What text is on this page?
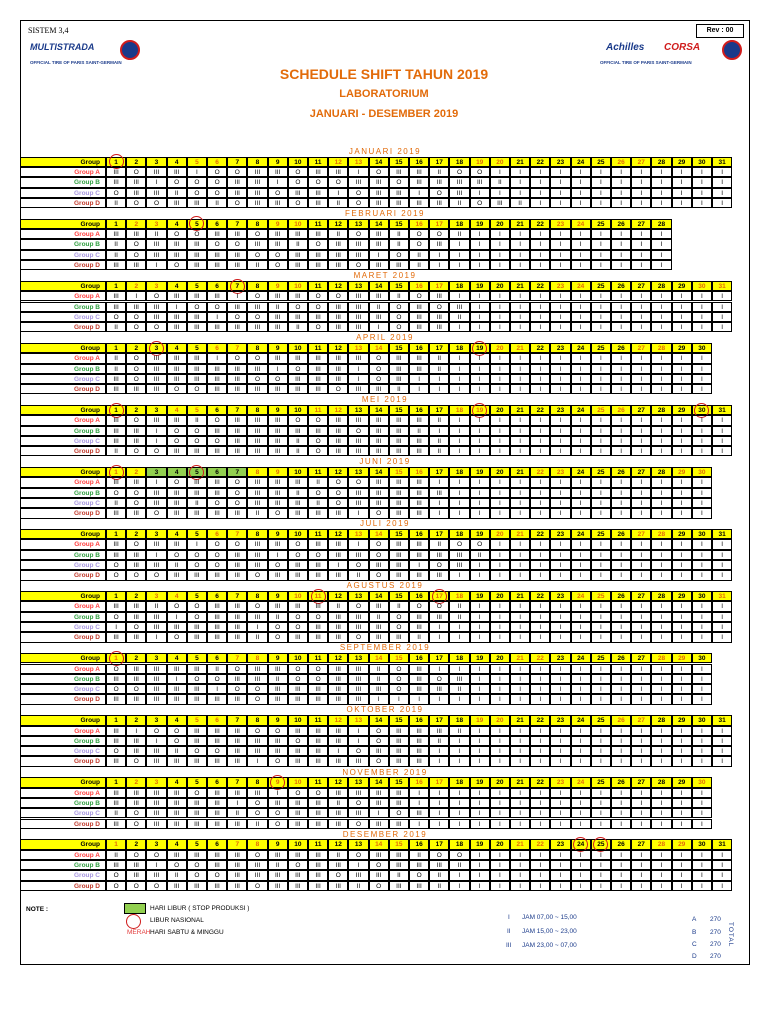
SISTEM 3,4	Rev : 00
MULTISTRADA
OFFICIAL TIRE OF PARIS SAINT-GERMAIN
Achilles CORSA
OFFICIAL TIRE OF PARIS SAINT-GERMAIN
SCHEDULE SHIFT TAHUN 2019
LABORATORIUM
JANUARI - DESEMBER 2019
JANUARI 2019
Group	1	2	3	4	5	6	7	8	9	10	11	12	13	14	15	16	17	18	19	20	21	22	23	24	25	26	27	28	29	30	31
Group A	III	O	III	III	I	O	O	III	III	O	III	III	I	O	III	III	II	O	O	I	I	I	I	I	I	I	I	I	I	I	I
Group B	III	III	I	O	O	O	III	III	I	O	O	O	III	III	O	III	III	III	III	II	I	I	I	I	I	I	I	I	I	I	I
Group C	O	III	III	II	O	O	III	III	O	III	III	I	O	III	III	I	O	III	I	I	I	I	I	I	I	I	I	I	I	I	I
Group D	II	O	O	III	III	II	O	III	III	O	III	II	O	III	III	III	III	II	O	III	II	I	I	I	I	I	I	I	I	I	I
FEBRUARI 2019
Group	1	2	3	4	5	6	7	8	9	10	11	12	13	14	15	16	17	18	19	20	21	22	23	24	25	26	27	28
Group A	III	III	II	O	O	III	III	O	III	III	III	II	O	III	II	O	O	II	I	I	I	I	I	I	I	I	I	I
Group B	II	O	III	III	III	O	O	III	III	II	O	III	III	III	II	O	III	I	I	I	I	I	I	I	I	I	I	I
Group C	II	O	III	III	III	III	III	O	O	III	III	III	III	I	O	II	I	I	I	I	I	I	I	I	I	I	I	I
Group D	III	III	I	O	III	III	III	II	O	III	III	III	O	III	III	II	I	I	I	I	I	I	I	I	I	I	I	I
MARET 2019
Group	1	2	3	4	5	6	7	8	9	10	11	12	13	14	15	16	17	18	19	20	21	22	23	24	25	26	27	28	29	30	31
Group A	III	I	O	III	III	III	I	O	III	III	O	O	III	III	II	O	III	I	I	I	I	I	I	I	I	I	I	I	I	I	I
Group B	III	III	III	I	O	O	III	III	II	O	O	III	III	II	O	III	O	III	I	I	I	I	I	I	I	I	I	I	I	I	I
Group C	O	O	III	III	III	I	O	O	III	III	III	III	III	III	O	III	III	II	I	I	I	I	I	I	I	I	I	I	I	I	I
Group D	II	O	O	III	III	III	III	III	III	II	O	III	III	I	O	III	III	I	I	I	I	I	I	I	I	I	I	I	I	I	I
APRIL 2019
Group	1	2	3	4	5	6	7	8	9	10	11	12	13	14	15	16	17	18	19	20	21	22	23	24	25	26	27	28	29	30
Group A	II	O	III	III	III	I	O	O	III	III	III	III	III	O	III	III	II	I	I	I	I	I	I	I	I	I	I	I	I	I
Group B	II	O	III	III	III	III	III	III	I	O	III	III	I	O	III	III	II	I	I	I	I	I	I	I	I	I	I	I	I	I
Group C	III	O	III	III	III	III	III	O	O	III	III	III	I	O	III	I	I	I	I	I	I	I	I	I	I	I	I	I	I	I
Group D	III	III	III	O	O	III	III	III	III	III	III	O	III	III	II	I	I	I	I	I	I	I	I	I	I	I	I	I	I	I
MEI 2019
Group	1	2	3	4	5	6	7	8	9	10	11	12	13	14	15	16	17	18	19	20	21	22	23	24	25	26	27	28	29	30	31
Group A	III	O	III	III	II	O	III	III	III	O	O	III	III	III	III	III	II	I	I	I	I	I	I	I	I	I	I	I	I	I	I
Group B	III	III	I	O	O	III	III	III	III	III	III	III	O	III	III	II	I	I	I	I	I	I	I	I	I	I	I	I	I	I	I
Group C	III	III	I	O	O	O	III	III	III	II	O	III	III	III	III	III	II	I	I	I	I	I	I	I	I	I	I	I	I	I	I
Group D	II	O	O	III	III	III	III	III	III	II	O	III	III	III	III	III	II	I	I	I	I	I	I	I	I	I	I	I	I	I	I
JUNI 2019
Group	1	2	3	4	5	6	7	8	9	10	11	12	13	14	15	16	17	18	19	20	21	22	23	24	25	26	27	28	29	30
Group A	III	III	I	O	III	III	O	III	III	III	II	O	O	III	III	III	I	I	I	I	I	I	I	I	I	I	I	I	I	I
Group B	O	O	III	III	III	III	O	III	III	II	O	O	III	III	III	III	III	I	I	I	I	I	I	I	I	I	I	I	I	I
Group C	II	O	III	III	II	O	O	III	III	III	II	O	III	III	III	III	I	I	I	I	I	I	I	I	I	I	I	I	I	I
Group D	III	III	O	III	III	III	III	II	O	III	III	III	I	O	III	III	I	I	I	I	I	I	I	I	I	I	I	I	I	I
JULI 2019
Group	1	2	3	4	5	6	7	8	9	10	11	12	13	14	15	16	17	18	19	20	21	22	23	24	25	26	27	28	29	30	31
Group A	III	O	III	III	I	O	O	III	III	O	III	III	I	O	III	III	II	O	O	I	I	I	I	I	I	I	I	I	I	I	I
Group B	III	III	I	O	O	O	III	III	I	O	O	III	III	O	III	III	III	III	II	I	I	I	I	I	I	I	I	I	I	I	I
Group C	O	III	III	II	O	O	III	III	O	III	III	I	O	III	III	I	O	III	I	I	I	I	I	I	I	I	I	I	I	I	I
Group D	O	O	O	III	III	III	III	O	III	III	III	III	II	O	III	III	III	I	I	I	I	I	I	I	I	I	I	I	I	I	I
AGUSTUS 2019
Group	1	2	3	4	5	6	7	8	9	10	11	12	13	14	15	16	17	18	19	20	21	22	23	24	25	26	27	28	29	30	31
Group A	III	III	II	O	O	III	III	O	III	III	III	II	O	III	II	O	O	II	I	I	I	I	I	I	I	I	I	I	I	I	I
Group B	O	III	III	I	O	III	III	III	II	O	O	III	III	II	O	III	III	II	I	I	I	I	I	I	I	I	I	I	I	I	I
Group C	I	O	III	III	III	III	III	I	O	O	III	III	III	III	O	III	I	I	I	I	I	I	I	I	I	I	I	I	I	I	I
Group D	III	III	I	O	III	III	III	II	O	III	III	III	O	III	III	II	I	I	I	I	I	I	I	I	I	I	I	I	I	I	I
SEPTEMBER 2019
Group	1	2	3	4	5	6	7	8	9	10	11	12	13	14	15	16	17	18	19	20	21	22	23	24	25	26	27	28	29	30
Group A	O	III	III	III	III	II	O	III	III	O	O	III	III	II	O	III	I	I	I	I	I	I	I	I	I	I	I	I	I	I
Group B	III	III	III	I	O	O	III	III	II	O	O	III	III	II	O	III	O	III	I	I	I	I	I	I	I	I	I	I	I	I
Group C	O	O	III	III	III	I	O	O	III	III	III	III	III	III	O	III	III	II	I	I	I	I	I	I	I	I	I	I	I	I
Group D	III	III	III	III	III	III	III	O	III	III	III	III	III	I	I	I	I	I	I	I	I	I	I	I	I	I	I	I	I	I
OKTOBER 2019
Group	1	2	3	4	5	6	7	8	9	10	11	12	13	14	15	16	17	18	19	20	21	22	23	24	25	26	27	28	29	30	31
Group A	III	I	O	O	III	III	III	O	O	III	III	III	I	O	III	III	III	II	I	I	I	I	I	I	I	I	I	I	I	I	I
Group B	III	III	I	O	III	III	III	III	III	O	III	III	I	O	III	III	II	I	I	I	I	I	I	I	I	I	I	I	I	I	I
Group C	O	III	III	II	O	O	III	III	III	III	III	I	O	III	III	III	I	I	I	I	I	I	I	I	I	I	I	I	I	I	I
Group D	III	O	III	III	III	III	III	I	O	III	III	III	III	O	III	III	I	I	I	I	I	I	I	I	I	I	I	I	I	I	I
NOVEMBER 2019
Group	1	2	3	4	5	6	7	8	9	10	11	12	13	14	15	16	17	18	19	20	21	22	23	24	25	26	27	28	29	30
Group A	III	III	III	III	O	III	III	III	I	O	O	III	III	III	III	I	I	I	I	I	I	I	I	I	I	I	I	I	I	I
Group B	III	III	III	III	III	III	I	O	III	III	III	II	O	III	III	I	I	I	I	I	I	I	I	I	I	I	I	I	I	I
Group C	II	O	III	III	III	III	II	O	O	III	III	III	III	I	O	III	I	I	I	I	I	I	I	I	I	I	I	I	I	I
Group D	III	O	III	III	III	III	III	II	O	III	III	III	O	III	III	I	I	I	I	I	I	I	I	I	I	I	I	I	I	I
DESEMBER 2019
Group	1	2	3	4	5	6	7	8	9	10	11	12	13	14	15	16	17	18	19	20	21	22	23	24	25	26	27	28	29	30	31
Group A	II	O	O	III	III	III	III	O	III	III	III	II	O	III	III	II	O	O	I	I	I	I	I	I	I	I	I	I	I	I	I
Group B	III	III	I	O	O	III	III	III	II	O	III	III	I	O	III	III	III	II	I	I	I	I	I	I	I	I	I	I	I	I	I
Group C	O	III	III	II	O	O	III	III	III	III	III	O	III	III	II	O	II	I	I	I	I	I	I	I	I	I	I	I	I	I	I
Group D	O	O	O	III	III	III	III	O	III	III	III	III	II	O	III	III	II	I	I	I	I	I	I	I	I	I	I	I	I	I	I
NOTE :	HARI LIBUR ( STOP PRODUKSI )
LIBUR NASIONAL
MERAH HARI SABTU & MINGGU
I JAM 07,00 ~ 15,00
II JAM 15,00 ~ 23,00
III JAM 23,00 ~ 07,00
A 270
B 270
C 270
D 270
TOTAL
